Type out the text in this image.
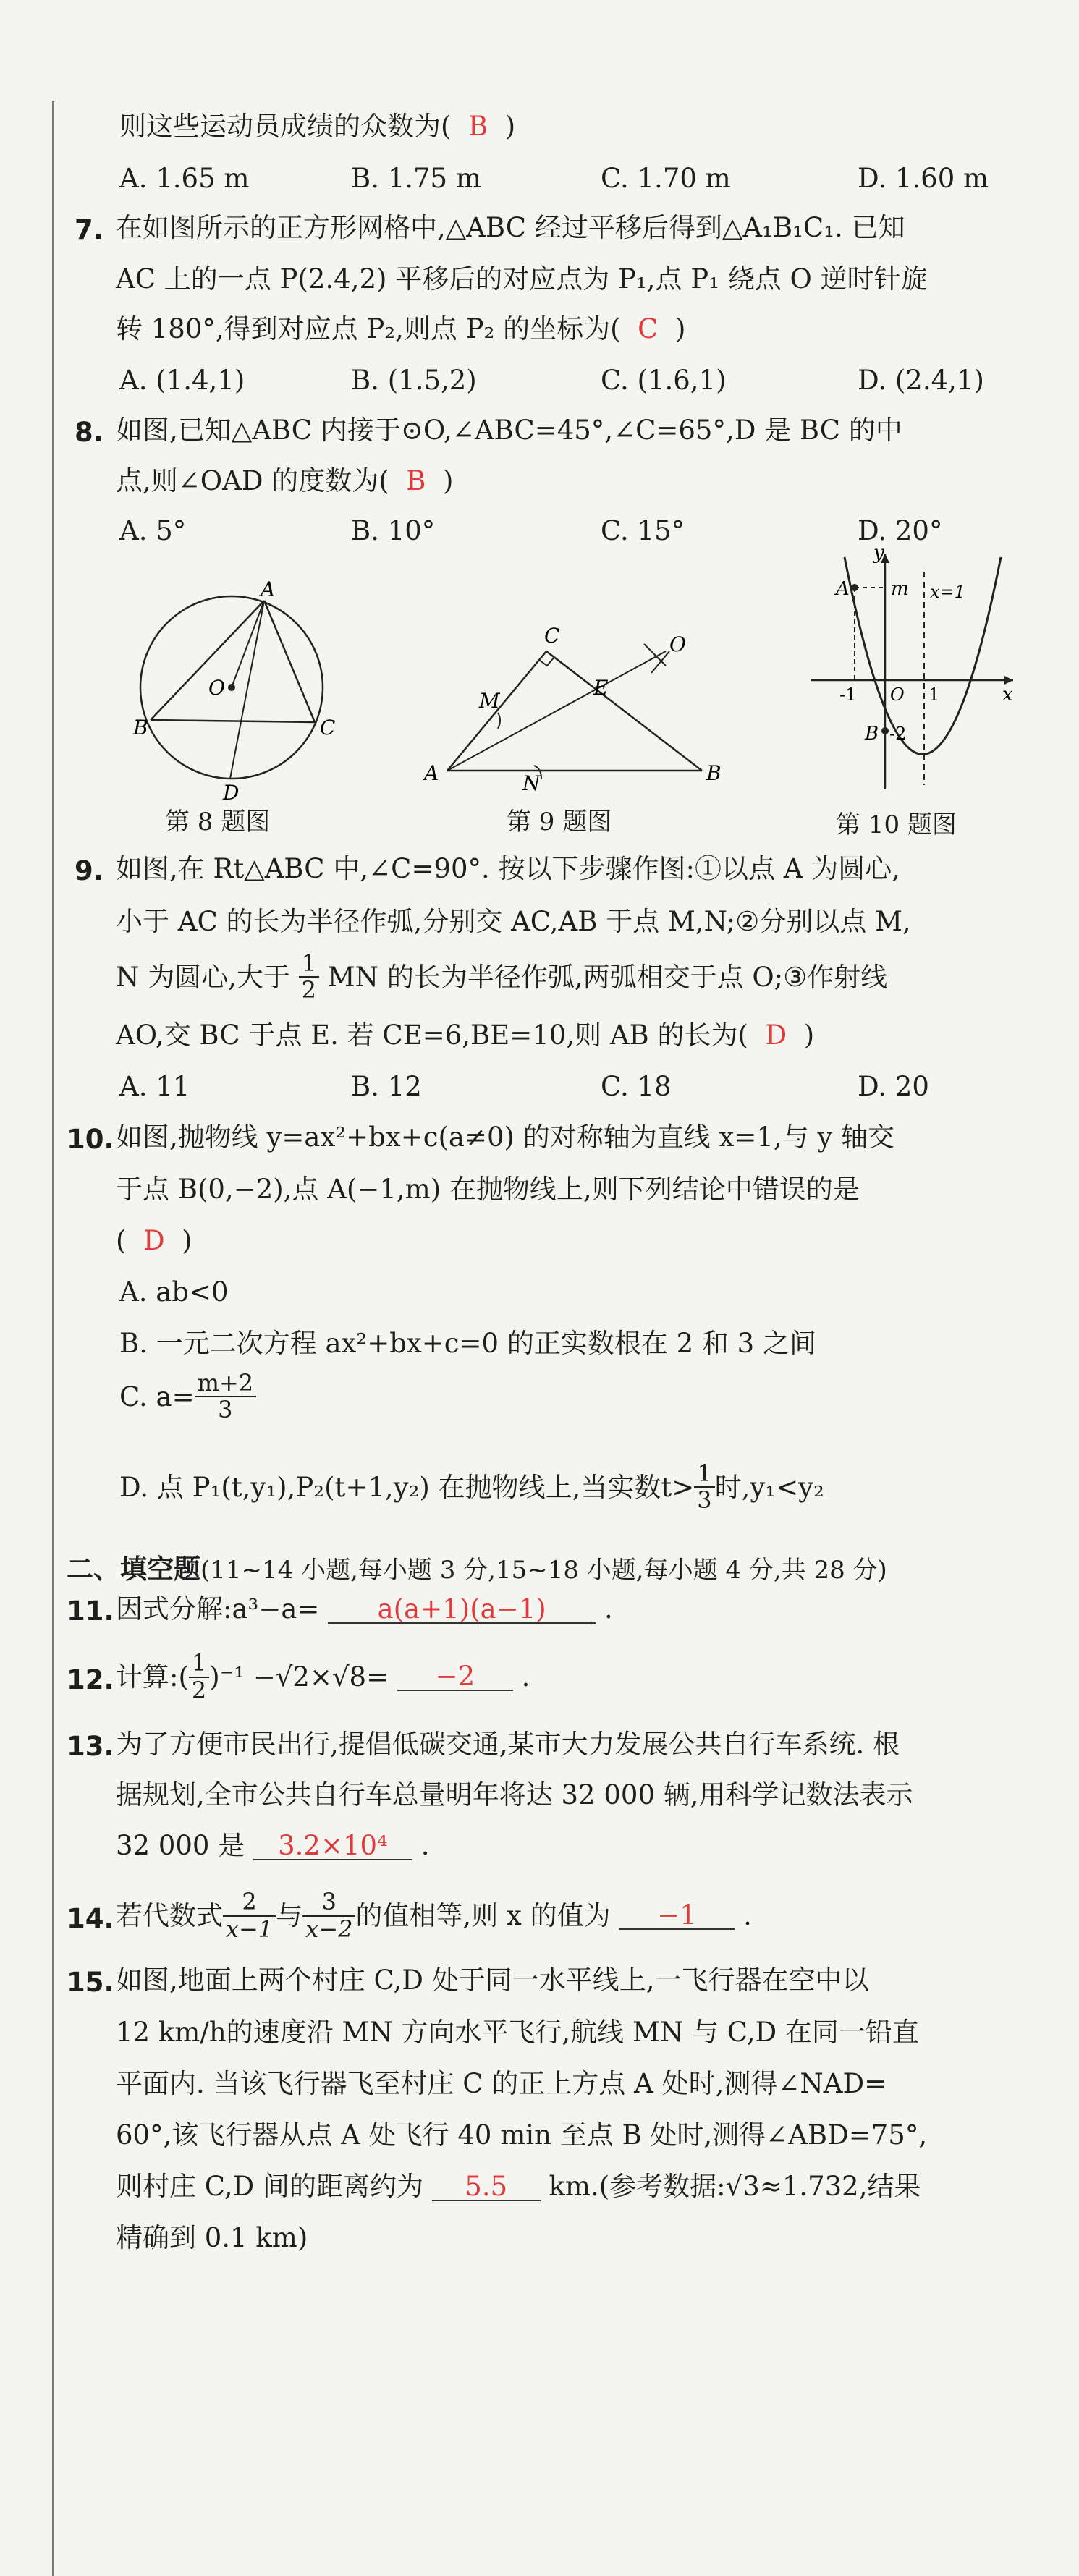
则这些运动员成绩的众数为( B )
A. 1.65 m	B. 1.75 m	C. 1.70 m	D. 1.60 m
7. 在如图所示的正方形网格中,△ABC 经过平移后得到△A₁B₁C₁. 已知
AC 上的一点 P(2.4,2) 平移后的对应点为 P₁,点 P₁ 绕点 O 逆时针旋
转 180°,得到对应点 P₂,则点 P₂ 的坐标为( C )
A. (1.4,1)	B. (1.5,2)	C. (1.6,1)	D. (2.4,1)
8. 如图,已知△ABC 内接于⊙O,∠ABC=45°,∠C=65°,D 是 BC 的中
点,则∠OAD 的度数为( B )
A. 5°	B. 10°	C. 15°	D. 20°
A
O
B	C
D
第 8 题图
C
M
E
O
A	N	B
第 9 题图
y
A m x=1
-1 O 1	x
B -2
第 10 题图
9. 如图,在 Rt△ABC 中,∠C=90°. 按以下步骤作图:①以点 A 为圆心,
小于 AC 的长为半径作弧,分别交 AC,AB 于点 M,N;②分别以点 M,
N 为圆心,大于
$\frac{1}{2}$
MN 的长为半径作弧,两弧相交于点 O;③作射线
AO,交 BC 于点 E. 若 CE=6,BE=10,则 AB 的长为( D )
A. 11	B. 12	C. 18	D. 20
10. 如图,抛物线 y=ax²+bx+c(a≠0) 的对称轴为直线 x=1,与 y 轴交
于点 B(0,−2),点 A(−1,m) 在抛物线上,则下列结论中错误的是
(  D )
A. ab<0
B. 一元二次方程 ax²+bx+c=0 的正实数根在 2 和 3 之间
C. $a= \frac{m+2}{3}$
D. 点 P₁(t,y₁),P₂(t+1,y₂) 在抛物线上,当实数$t> \frac{1}{3}$ 时,y₁<y₂
二、填空题(11~14 小题,每小题 3 分,15~18 小题,每小题 4 分,共 28 分)
11. 因式分解:a³−a= a(a+1)(a−1) .
12. 计算:( $\frac{1}{2} )^{-1} -√2\times√8=$
	−2
	.
13. 为了方便市民出行,提倡低碳交通,某市大力发展公共自行车系统. 根
据规划,全市公共自行车总量明年将达 32 000 辆,用科学记数法表示
32 000 是 3.2×10⁴ .
14. 若代数式 $\frac{2}{x-1}$ 与 $\frac{3}{x-2}$ 的值相等,则 x 的值为
	−1
	.
15. 如图,地面上两个村庄 C,D 处于同一水平线上,一飞行器在空中以
12 km/h的速度沿 MN 方向水平飞行,航线 MN 与 C,D 在同一铅直
平面内. 当该飞行器飞至村庄 C 的正上方点 A 处时,测得∠NAD=
60°,该飞行器从点 A 处飞行 40 min 至点 B 处时,测得∠ABD=75°,
则村庄 C,D 间的距离约为 5.5 km.(参考数据:√3≈1.732,结果
精确到 0.1 km)
